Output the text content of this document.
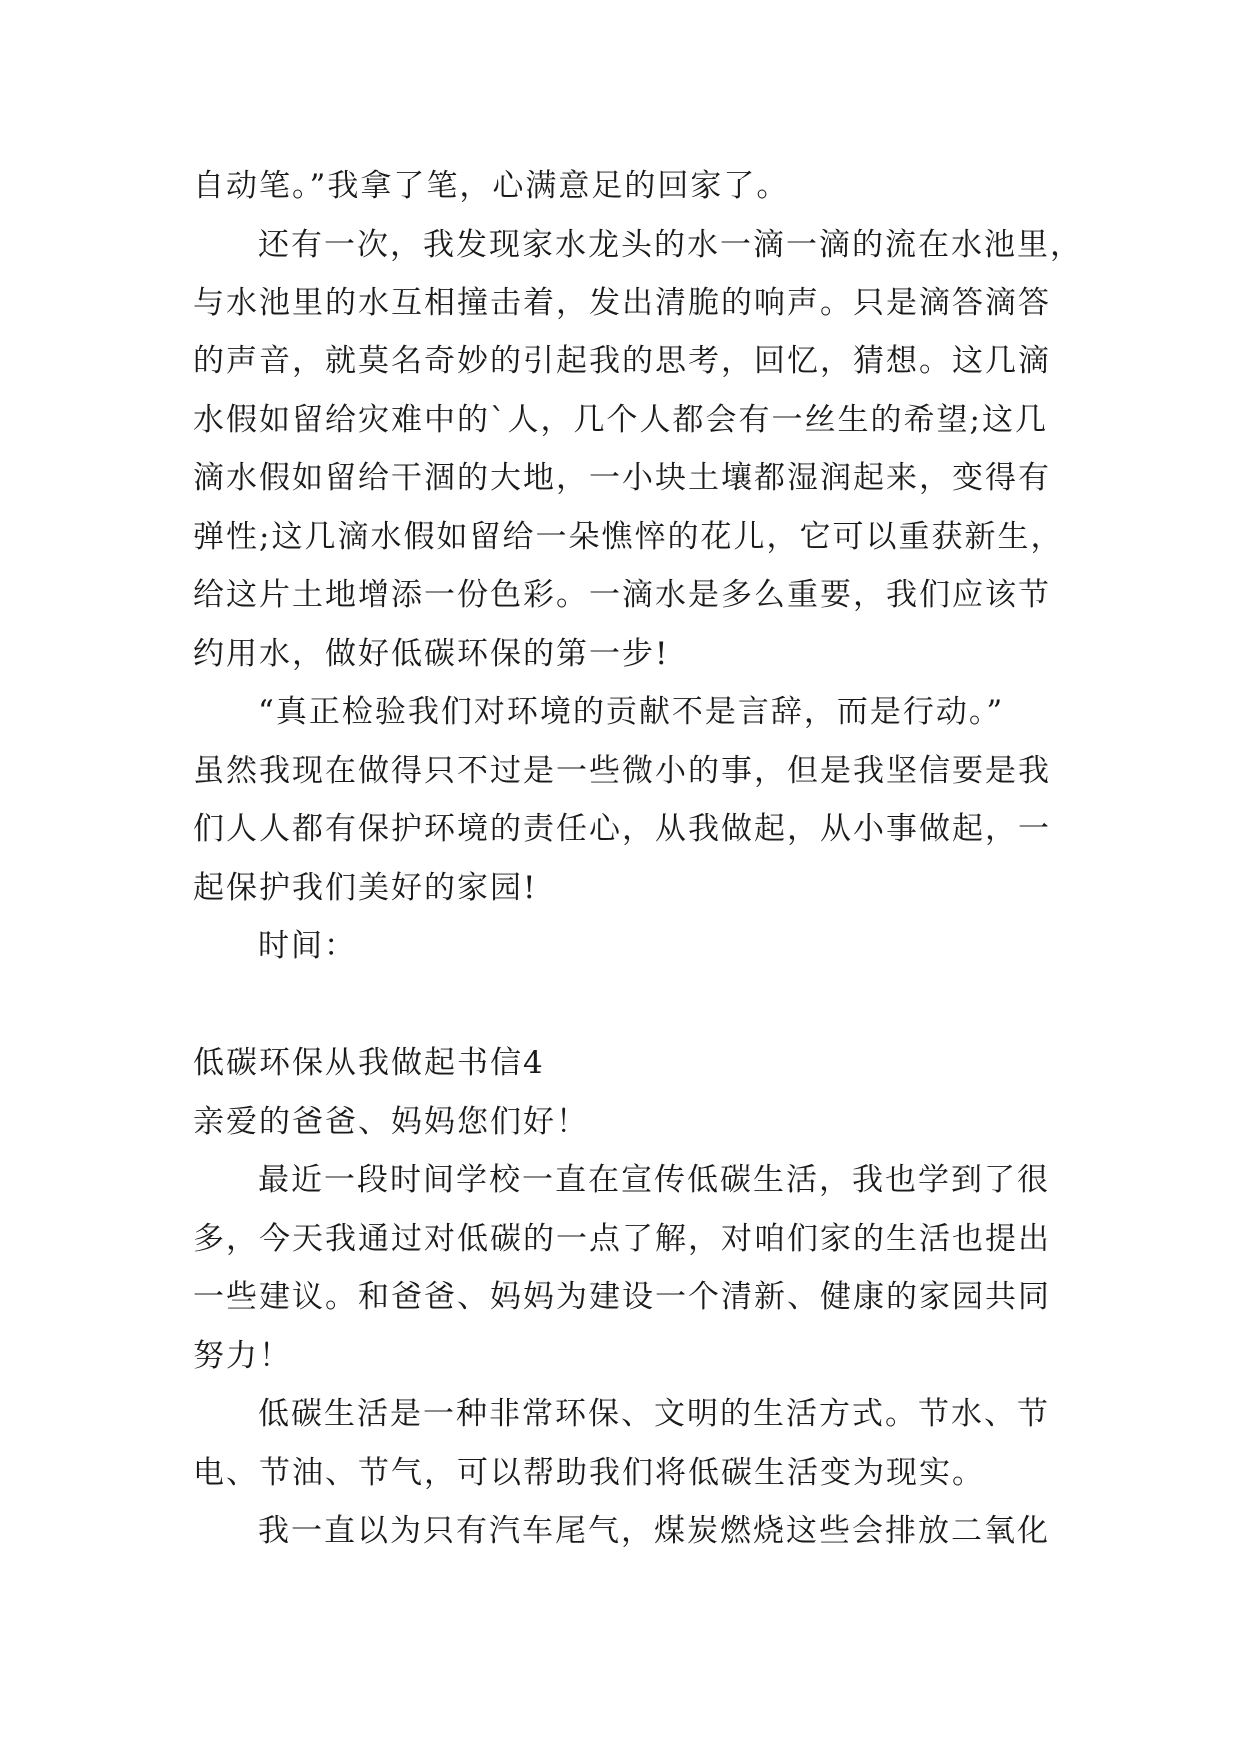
自动笔。”我拿了笔，心满意足的回家了。
还有一次，我发现家水龙头的水一滴一滴的流在水池里，
与水池里的水互相撞击着，发出清脆的响声。只是滴答滴答
的声音，就莫名奇妙的引起我的思考，回忆，猜想。这几滴
水假如留给灾难中的`人，几个人都会有一丝生的希望;这几
滴水假如留给干涸的大地，一小块土壤都湿润起来，变得有
弹性;这几滴水假如留给一朵憔悴的花儿，它可以重获新生，
给这片土地增添一份色彩。一滴水是多么重要，我们应该节
约用水，做好低碳环保的第一步!
“真正检验我们对环境的贡献不是言辞，而是行动。”
虽然我现在做得只不过是一些微小的事，但是我坚信要是我
们人人都有保护环境的责任心，从我做起，从小事做起，一
起保护我们美好的家园!
时间：
低碳环保从我做起书信4
亲爱的爸爸、妈妈您们好！
最近一段时间学校一直在宣传低碳生活，我也学到了很
多，今天我通过对低碳的一点了解，对咱们家的生活也提出
一些建议。和爸爸、妈妈为建设一个清新、健康的家园共同
努力！
低碳生活是一种非常环保、文明的生活方式。节水、节
电、节油、节气，可以帮助我们将低碳生活变为现实。
我一直以为只有汽车尾气，煤炭燃烧这些会排放二氧化
